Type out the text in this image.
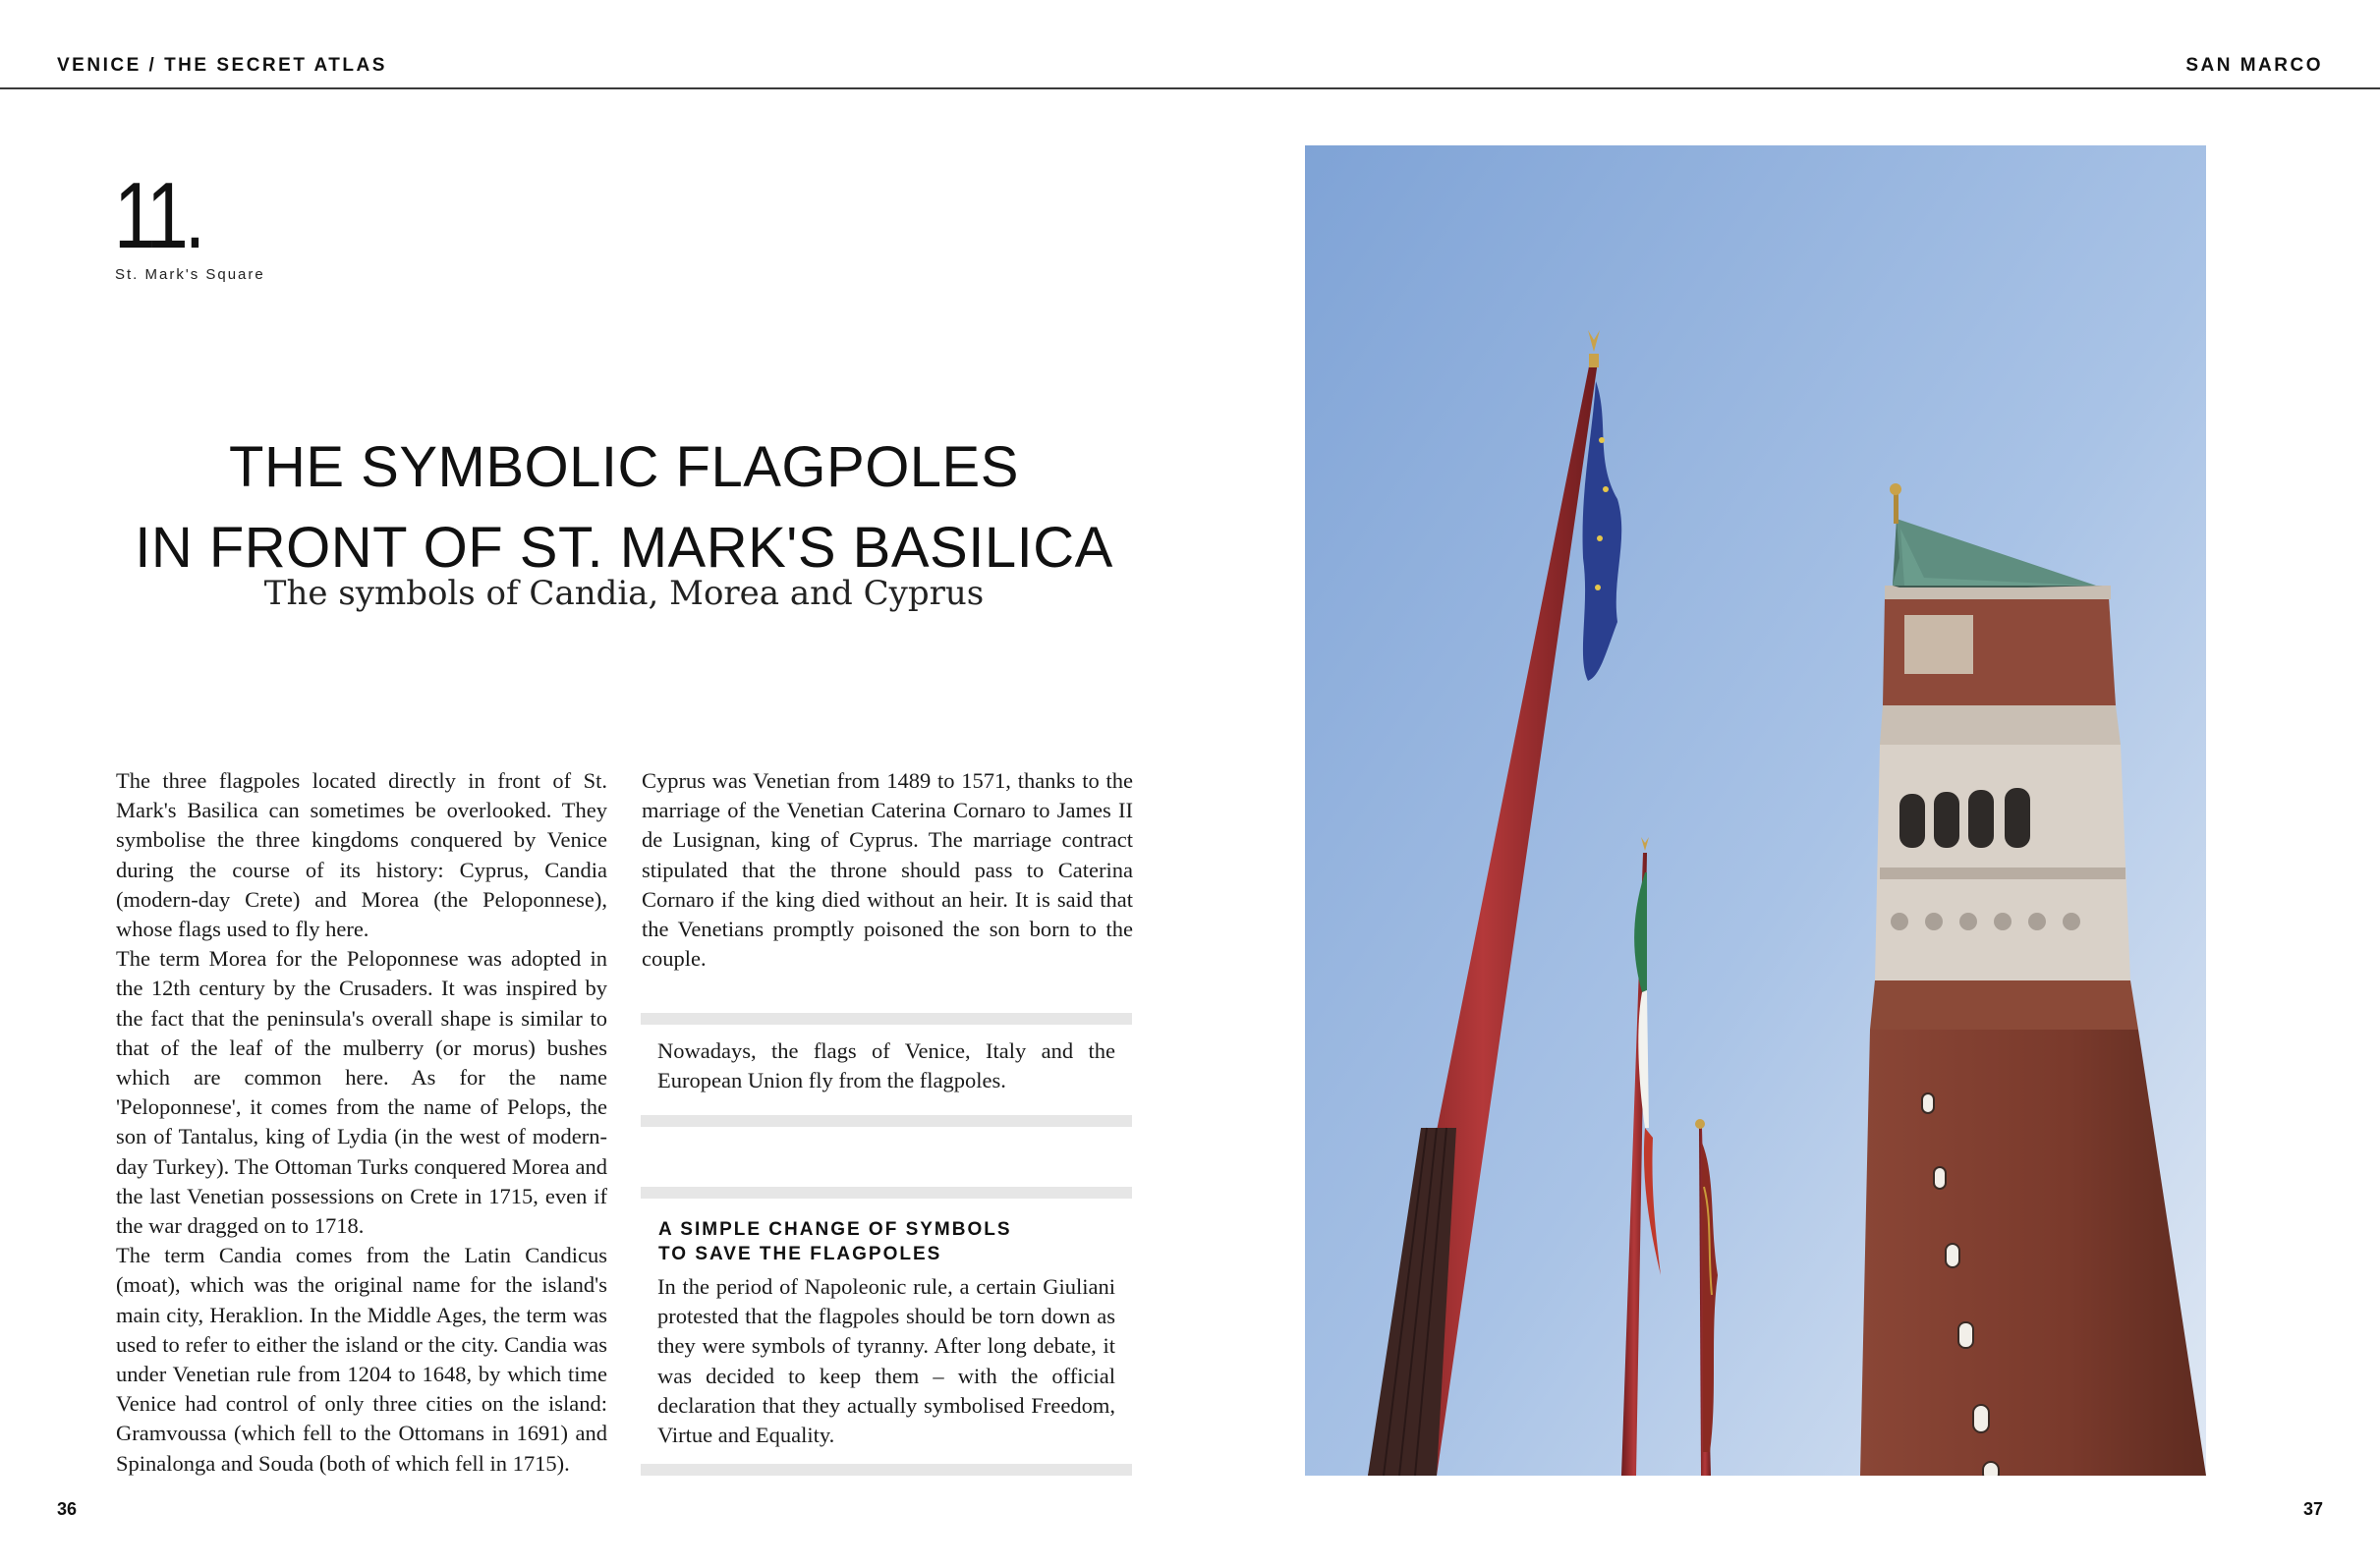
VENICE / THE SECRET ATLAS	SAN MARCO
11.
St. Mark's Square
THE SYMBOLIC FLAGPOLES
IN FRONT OF ST. MARK'S BASILICA
The symbols of Candia, Morea and Cyprus

The three flagpoles located directly in front of St. Mark's Basilica can sometimes be overlooked. They symbolise the three kingdoms conquered by Venice during the course of its history: Cyprus, Candia (modern-day Crete) and Morea (the Peloponnese), whose flags used to fly here.

The term Morea for the Peloponnese was adopted in the 12th century by the Crusaders. It was inspired by the fact that the peninsula's overall shape is similar to that of the leaf of the mulberry (or morus) bushes which are common here. As for the name 'Peloponnese', it comes from the name of Pelops, the son of Tantalus, king of Lydia (in the west of modern-day Turkey). The Ottoman Turks conquered Morea and the last Venetian possessions on Crete in 1715, even if the war dragged on to 1718.

The term Candia comes from the Latin Candicus (moat), which was the original name for the island's main city, Heraklion. In the Middle Ages, the term was used to refer to either the island or the city. Candia was under Venetian rule from 1204 to 1648, by which time Venice had control of only three cities on the island: Gramvoussa (which fell to the Ottomans in 1691) and Spinalonga and Souda (both of which fell in 1715).

Cyprus was Venetian from 1489 to 1571, thanks to the marriage of the Venetian Caterina Cornaro to James II de Lusignan, king of Cyprus. The marriage contract stipulated that the throne should pass to Caterina Cornaro if the king died without an heir. It is said that the Venetians promptly poisoned the son born to the couple.

Nowadays, the flags of Venice, Italy and the European Union fly from the flagpoles.
A SIMPLE CHANGE OF SYMBOLS
TO SAVE THE FLAGPOLES
In the period of Napoleonic rule, a certain Giuliani protested that the flagpoles should be torn down as they were symbols of tyranny. After long debate, it was decided to keep them – with the official declaration that they actually symbolised Freedom, Virtue and Equality.
36	37
